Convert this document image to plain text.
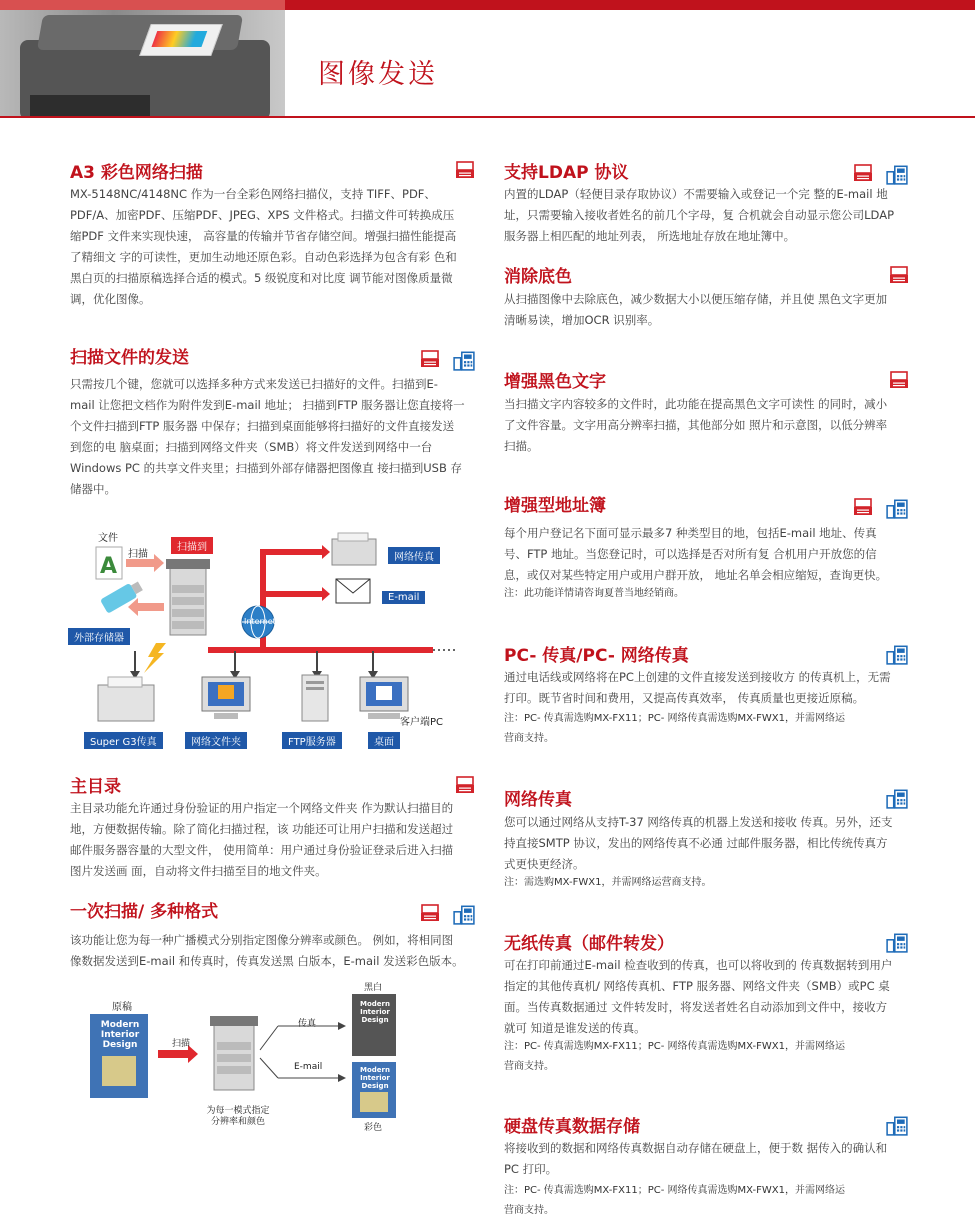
图像发送
A3 彩色网络扫描
MX-5148NC/4148NC 作为一台全彩色网络扫描仪，支持 TIFF、PDF、
PDF/A、加密PDF、压缩PDF、JPEG、XPS 文件格式。扫描文件可转换成压
缩PDF 文件来实现快速， 高容量的传输并节省存储空间。增强扫描性能提高
了精细文 字的可读性，更加生动地还原色彩。自动色彩选择为包含有彩 色和
黑白页的扫描原稿选择合适的模式。5 级锐度和对比度 调节能对图像质量微
调，优化图像。
扫描文件的发送
只需按几个键，您就可以选择多种方式来发送已扫描好的文件。扫描到E-
mail 让您把文档作为附件发到E-mail 地址； 扫描到FTP 服务器让您直接将一
个文件扫描到FTP 服务器 中保存；扫描到桌面能够将扫描好的文件直接发送
到您的电 脑桌面；扫描到网络文件夹（SMB）将文件发送到网络中一台
Windows PC 的共享文件夹里；扫描到外部存储器把图像直 接扫描到USB 存
储器中。
A
文件
扫描
扫描到
Internet
网络传真
E-mail
外部存储器
客户端PC
Super G3传真	网络文件夹	FTP服务器	桌面
主目录
主目录功能允许通过身份验证的用户指定一个网络文件夹 作为默认扫描目的
地，方便数据传输。除了简化扫描过程，该 功能还可让用户扫描和发送超过
邮件服务器容量的大型文件， 使用简单：用户通过身份验证登录后进入扫描
图片发送画 面，自动将文件扫描至目的地文件夹。
一次扫描/ 多种格式
该功能让您为每一种广播模式分别指定图像分辨率或颜色。 例如，将相同图
像数据发送到E-mail 和传真时，传真发送黑 白版本，E-mail 发送彩色版本。
原稿
Modern
Interior
Design
Modern
Interior
Design
Modern
Interior
Design
扫描
传真
E-mail
黑白
彩色
为每一模式指定
分辨率和颜色
支持LDAP 协议
内置的LDAP（轻便目录存取协议）不需要输入或登记一个完 整的E-mail 地
址，只需要输入接收者姓名的前几个字母，复 合机就会自动显示您公司LDAP
服务器上相匹配的地址列表， 所选地址存放在地址簿中。
消除底色
从扫描图像中去除底色，减少数据大小以便压缩存储，并且使 黑色文字更加
清晰易读，增加OCR 识别率。
增强黑色文字
当扫描文字内容较多的文件时，此功能在提高黑色文字可读性 的同时，减小
了文件容量。文字用高分辨率扫描，其他部分如 照片和示意图，以低分辨率
扫描。
增强型地址簿
每个用户登记名下面可显示最多7 种类型目的地，包括E-mail 地址、传真
号、FTP 地址。当您登记时，可以选择是否对所有复 合机用户开放您的信
息，或仅对某些特定用户或用户群开放， 地址名单会相应缩短，查询更快。
注：此功能详情请咨询夏普当地经销商。
PC- 传真/PC- 网络传真
通过电话线或网络将在PC上创建的文件直接发送到接收方 的传真机上，无需
打印。既节省时间和费用，又提高传真效率， 传真质量也更接近原稿。
注：PC- 传真需选购MX-FX11；PC- 网络传真需选购MX-FWX1，并需网络运
营商支持。
网络传真
您可以通过网络从支持T-37 网络传真的机器上发送和接收 传真。另外，还支
持直接SMTP 协议，发出的网络传真不必通 过邮件服务器，相比传统传真方
式更快更经济。
注：需选购MX-FWX1，并需网络运营商支持。
无纸传真（邮件转发）
可在打印前通过E-mail 检查收到的传真，也可以将收到的 传真数据转到用户
指定的其他传真机/ 网络传真机、FTP 服务器、网络文件夹（SMB）或PC 桌
面。当传真数据通过 文件转发时，将发送者姓名自动添加到文件中，接收方
就可 知道是谁发送的传真。
注：PC- 传真需选购MX-FX11；PC- 网络传真需选购MX-FWX1，并需网络运
营商支持。
硬盘传真数据存储
将接收到的数据和网络传真数据自动存储在硬盘上，便于数 据传入的确认和
PC 打印。
注：PC- 传真需选购MX-FX11；PC- 网络传真需选购MX-FWX1，并需网络运
营商支持。
